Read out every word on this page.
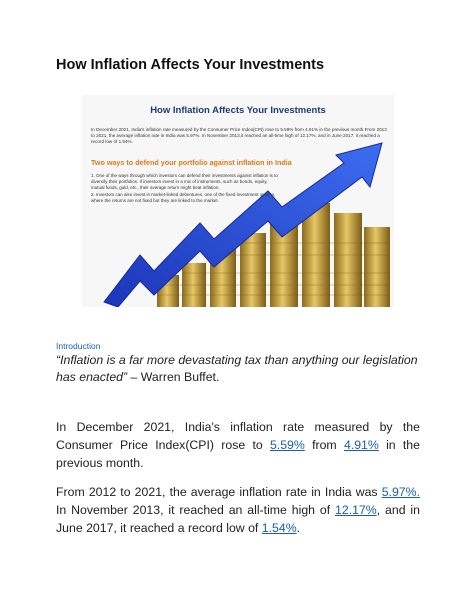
How Inflation Affects Your Investments
How Inflation Affects Your Investments
In December 2021, India's inflation rate measured by the Consumer Price Index(CPI) rose to 5.59% from 4.91% in the previous month.From 2013 to 2021, the average inflation rate in India was 5.97%. In November 2013,it reached an all-time high of 12.17%, and in June 2017, it reached a record low of 1.54%.
Two ways to defend your portfolio against inflation in India
1. One of the ways through which investors can defend their investments against inflation is to diversify their portfolios. If investors invest in a mix of instruments, such as bonds, equity, mutual funds, gold, etc., their average return might beat inflation.
2. Investors can also invest in market-linked debentures, one of the fixed investment options, where the returns are not fixed but they are linked to the market.
Introduction
“Inflation is a far more devastating tax than anything our legislation has enacted” – Warren Buffet.
In December 2021, India's inflation rate measured by the Consumer Price Index(CPI) rose to 5.59% from 4.91% in the previous month.
From 2012 to 2021, the average inflation rate in India was 5.97%. In November 2013, it reached an all-time high of 12.17%, and in June 2017, it reached a record low of 1.54%.
